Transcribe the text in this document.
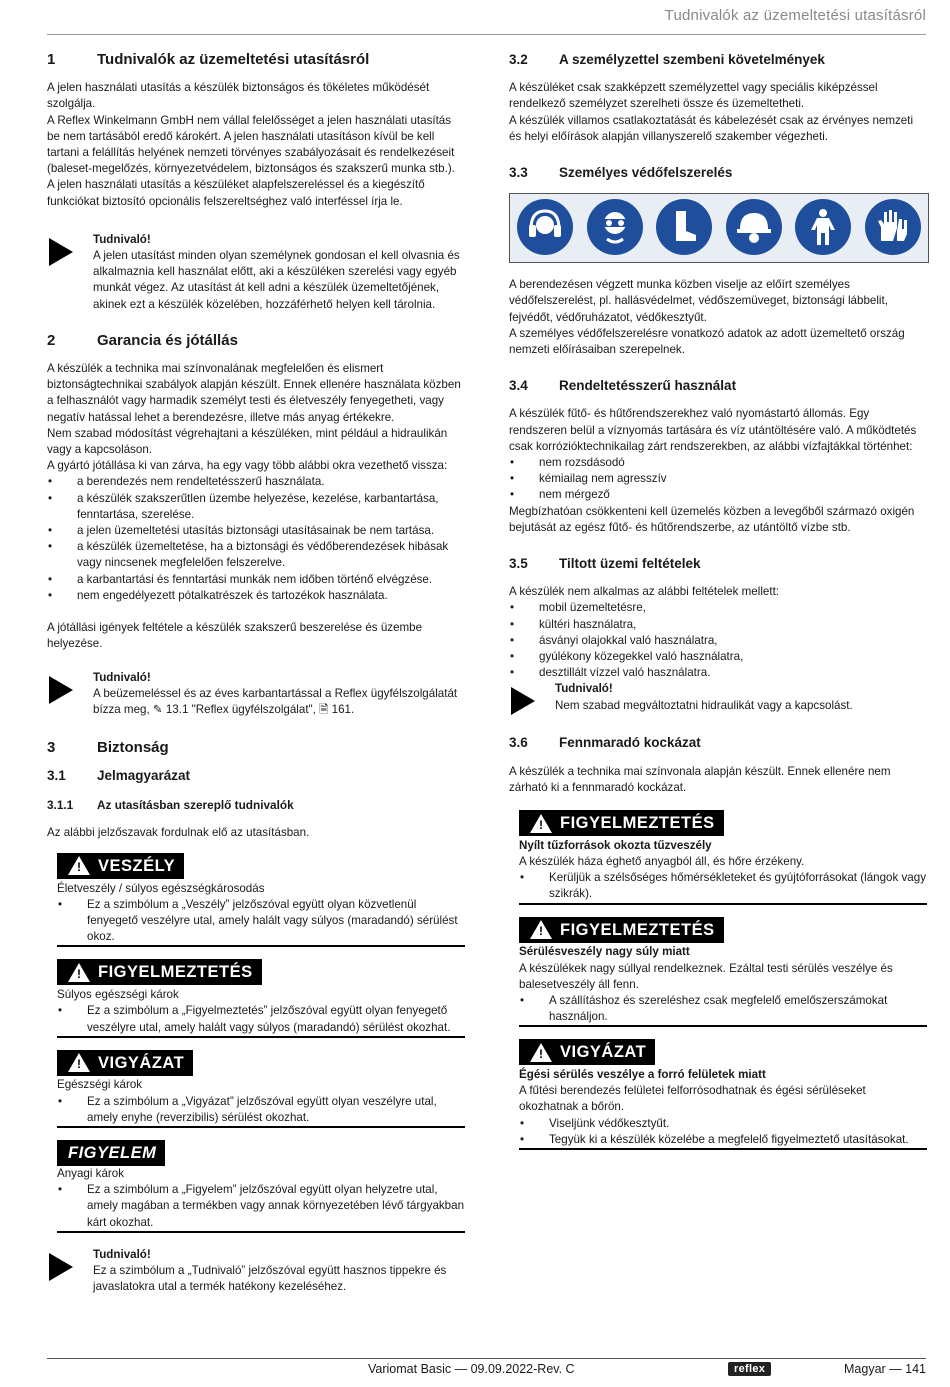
Tudnivalók az üzemeltetési utasításról
1	Tudnivalók az üzemeltetési utasításról

A jelen használati utasítás a készülék biztonságos és tökéletes működését szolgálja.

A Reflex Winkelmann GmbH nem vállal felelősséget a jelen használati utasítás be nem tartásából eredő károkért. A jelen használati utasításon kívül be kell tartani a felállítás helyének nemzeti törvényes szabályozásait és rendelkezéseit (baleset-megelőzés, környezetvédelem, biztonságos és szakszerű munka stb.).

A jelen használati utasítás a készüléket alapfelszereléssel és a kiegészítő funkciókat biztosító opcionális felszereltséghez való interféssel írja le.

Tudnivaló!
A jelen utasítást minden olyan személynek gondosan el kell olvasnia és alkalmaznia kell használat előtt, aki a készüléken szerelési vagy egyéb munkát végez. Az utasítást át kell adni a készülék üzemeltetőjének, akinek ezt a készülék közelében, hozzáférhető helyen kell tárolnia.
2	Garancia és jótállás

A készülék a technika mai színvonalának megfelelően és elismert biztonságtechnikai szabályok alapján készült. Ennek ellenére használata közben a felhasználót vagy harmadik személyt testi és életveszély fenyegetheti, vagy negatív hatással lehet a berendezésre, illetve más anyag értékekre.

Nem szabad módosítást végrehajtani a készüléken, mint például a hidraulikán vagy a kapcsoláson.

A gyártó jótállása ki van zárva, ha egy vagy több alábbi okra vezethető vissza:

• a berendezés nem rendeltetésszerű használata.
• a készülék szakszerűtlen üzembe helyezése, kezelése, karbantartása, fenntartása, szerelése.
• a jelen üzemeltetési utasítás biztonsági utasításainak be nem tartása.
• a készülék üzemeltetése, ha a biztonsági és védőberendezések hibásak vagy nincsenek megfelelően felszerelve.
• a karbantartási és fenntartási munkák nem időben történő elvégzése.
• nem engedélyezett pótalkatrészek és tartozékok használata.

A jótállási igények feltétele a készülék szakszerű beszerelése és üzembe helyezése.

Tudnivaló!
A beüzemeléssel és az éves karbantartással a Reflex ügyfélszolgálatát bízza meg, ✎ 13.1 "Reflex ügyfélszolgálat", 🗎 161.
3	Biztonság
3.1	Jelmagyarázat
3.1.1	Az utasításban szereplő tudnivalók

Az alábbi jelzőszavak fordulnak elő az utasításban.

! VESZÉLY
Életveszély / súlyos egészségkárosodás
• Ez a szimbólum a „Veszély” jelzőszóval együtt olyan közvetlenül fenyegető veszélyre utal, amely halált vagy súlyos (maradandó) sérülést okoz.
! FIGYELMEZTETÉS
Súlyos egészségi károk
• Ez a szimbólum a „Figyelmeztetés” jelzőszóval együtt olyan fenyegető veszélyre utal, amely halált vagy súlyos (maradandó) sérülést okozhat.
! VIGYÁZAT
Egészségi károk
• Ez a szimbólum a „Vigyázat” jelzőszóval együtt olyan veszélyre utal, amely enyhe (reverzibilis) sérülést okozhat.
FIGYELEM
Anyagi károk
• Ez a szimbólum a „Figyelem” jelzőszóval együtt olyan helyzetre utal, amely magában a termékben vagy annak környezetében lévő tárgyakban kárt okozhat.
Tudnivaló!
Ez a szimbólum a „Tudnivaló” jelzőszóval együtt hasznos tippekre és javaslatokra utal a termék hatékony kezeléséhez.
3.2	A személyzettel szembeni követelmények

A készüléket csak szakképzett személyzettel vagy speciális kiképzéssel rendelkező személyzet szerelheti össze és üzemeltetheti.

A készülék villamos csatlakoztatását és kábelezését csak az érvényes nemzeti és helyi előírások alapján villanyszerelő szakember végezheti.

3.3	Személyes védőfelszerelés

A berendezésen végzett munka közben viselje az előírt személyes védőfelszerelést, pl. hallásvédelmet, védőszemüveget, biztonsági lábbelit, fejvédőt, védőruházatot, védőkesztyűt.

A személyes védőfelszerelésre vonatkozó adatok az adott üzemeltető ország nemzeti előírásaiban szerepelnek.

3.4	Rendeltetésszerű használat

A készülék fűtő- és hűtőrendszerekhez való nyomástartó állomás. Egy rendszeren belül a víznyomás tartására és víz utántöltésére való. A működtetés csak korrózióktechnikailag zárt rendszerekben, az alábbi vízfajtákkal történhet:

• nem rozsdásodó
• kémiailag nem agresszív
• nem mérgező

Megbízhatóan csökkenteni kell üzemelés közben a levegőből származó oxigén bejutását az egész fűtő- és hűtőrendszerbe, az utántöltő vízbe stb.

3.5	Tiltott üzemi feltételek

A készülék nem alkalmas az alábbi feltételek mellett:

• mobil üzemeltetésre,
• kültéri használatra,
• ásványi olajokkal való használatra,
• gyúlékony közegekkel való használatra,
• desztillált vízzel való használatra.
Tudnivaló!
Nem szabad megváltoztatni hidraulikát vagy a kapcsolást.
3.6	Fennmaradó kockázat

A készülék a technika mai színvonala alapján készült. Ennek ellenére nem zárható ki a fennmaradó kockázat.

! FIGYELMEZTETÉS
Nyílt tűzforrások okozta tűzveszély
A készülék háza éghető anyagból áll, és hőre érzékeny.
• Kerüljük a szélsőséges hőmérsékleteket és gyújtóforrásokat (lángok vagy szikrák).
! FIGYELMEZTETÉS
Sérülésveszély nagy súly miatt
A készülékek nagy súllyal rendelkeznek. Ezáltal testi sérülés veszélye és balesetveszély áll fenn.
• A szállításhoz és szereléshez csak megfelelő emelőszerszámokat használjon.
! VIGYÁZAT
Égési sérülés veszélye a forró felületek miatt
A fűtési berendezés felületei felforrósodhatnak és égési sérüléseket okozhatnak a bőrön.
• Viseljünk védőkesztyűt.
• Tegyük ki a készülék közelébe a megfelelő figyelmeztető utasításokat.
Variomat Basic — 09.09.2022-Rev. C	reflex	Magyar — 141
